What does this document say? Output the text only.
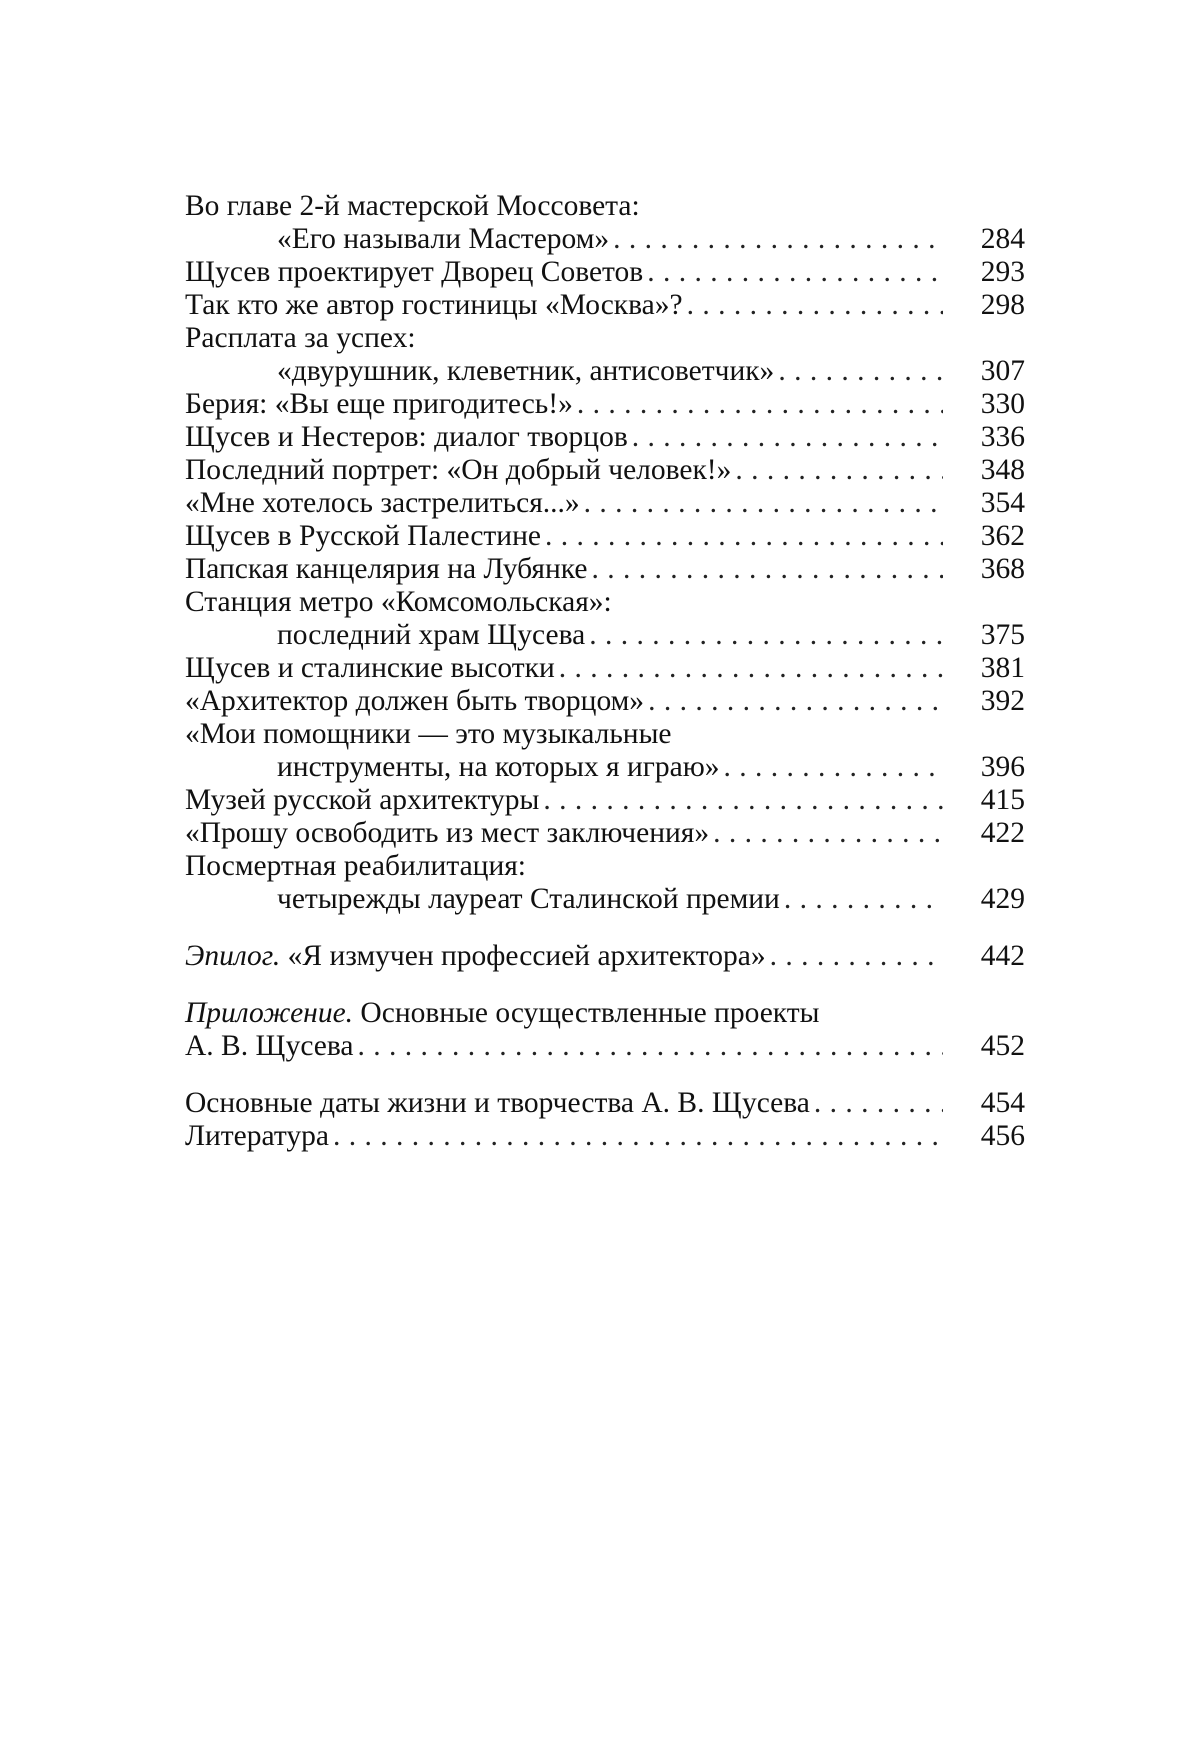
Во главе 2-й мастерской Моссовета:
«Его называли Мастером» . . .	284
Щусев проектирует Дворец Советов . . .	293
Так кто же автор гостиницы «Москва»? . . .	298
Расплата за успех:
«двурушник, клеветник, антисоветчик» . . .	307
Берия: «Вы еще пригодитесь!» . . .	330
Щусев и Нестеров: диалог творцов . . .	336
Последний портрет: «Он добрый человек!» . . .	348
«Мне хотелось застрелиться...» . . .	354
Щусев в Русской Палестине . . .	362
Папская канцелярия на Лубянке . . .	368
Станция метро «Комсомольская»:
последний храм Щусева . . .	375
Щусев и сталинские высотки . . .	381
«Архитектор должен быть творцом» . . .	392
«Мои помощники — это музыкальные
инструменты, на которых я играю» . . .	396
Музей русской архитектуры . . .	415
«Прошу освободить из мест заключения» . . .	422
Посмертная реабилитация:
четырежды лауреат Сталинской премии . . .	429
Эпилог. «Я измучен профессией архитектора» . . .	442
Приложение. Основные осуществленные проекты
А. В. Щусева . . .	452
Основные даты жизни и творчества А. В. Щусева . . .	454
Литература . . .	456
